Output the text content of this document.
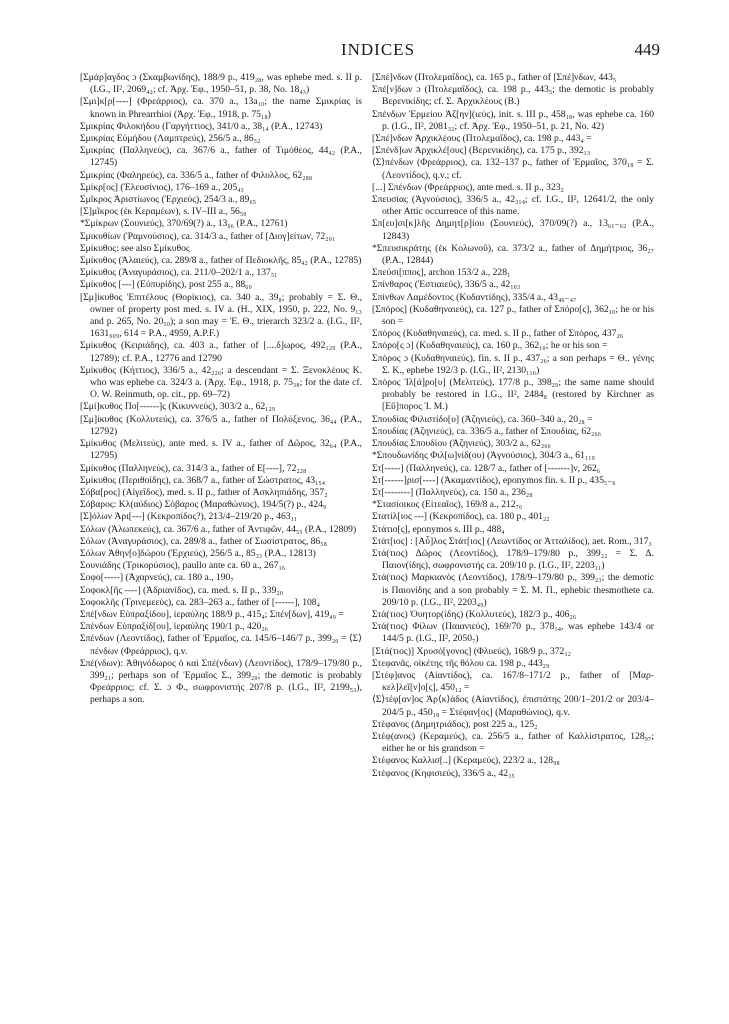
INDICES	449

[Σμάρ]αγδος ɔ (Σκαμβωνίδης), 188/9 p., 419₂₈, was ephebe med. s. II p. (I.G., II², 2069₄₂; cf. Ἀρχ. Ἐφ., 1950–51, p. 38, No. 18₄₃)

[Σμι]κ[ρ[----] (Φρεάρριος), ca. 370 a., 13a₁₀; the name Σμικρίας is known in Phrearrhioi (Ἀρχ. Ἐφ., 1918, p. 75₁₈)

Σμικρίας Φιλοκήδου (Γαργήττιος), 341/0 a., 38₁₄ (P.A., 12743)

Σμικρίας Εὐμήδου (Λαμπτρεύς), 256/5 a., 86₃₂

Σμικρίας (Παλληνεύς), ca. 367/6 a., father of Τιμόθεος, 44₄₂ (P.A., 12745)

Σμικρίας (Φαληρεύς), ca. 336/5 a., father of Φιλυλλος, 62₂₈₈

Σμίκρ[ος] (Ἐλευσίνιος), 176–169 a., 205₄₃

Σμῖκρος Ἀριστίωνος (Ἐρχιεύς), 254/3 a., 89₆₅

[Σ]μῖκρος (ἐκ Κεραμέων), s. IV–III a., 56₅₀

*Σμίκρων (Σουνιεύς), 370/69(?) a., 13₆₆ (P.A., 12761)

Σμικυθίων (Ῥαμνούσιος), ca. 314/3 a., father of [Διογ]είτων, 72₂₀₁

Σμίκυθος: see also Σμίκυθος

Σμίκυθος (Ἁλαιεύς), ca. 289/8 a., father of Πεδιοκλῆς, 85₄₂ (P.A., 12785)

Σμίκυθος (Ἀναγυράσιος), ca. 211/0–202/1 a., 137₅₁

Σμίκυθος [---] (Εὐπυρίδης), post 255 a., 88₆₀

[Σμ]ίκυθος Ἐπιτέλους (Θορίκιος), ca. 340 a., 39₈; probably = Σ. Θ., owner of property post med. s. IV a. (H., XIX, 1950, p. 222, No. 9₁₃ and p. 265, No. 20₅₀); a son may = Ἐ. Θ., trierarch 323/2 a. (I.G., II², 1631₆₀₉, 614 = P.A., 4959, A.P.F.)

Σμίκυθος (Κειριάδης), ca. 403 a., father of [....δ]ωρος, 492₁₂₉ (P.A., 12789); cf. P.A., 12776 and 12790

Σμίκυθος (Κήττιος), 336/5 a., 42₂₂₆; a descendant = Σ. Ξενοκλέους Κ. who was ephebe ca. 324/3 a. (Ἀρχ. Ἐφ., 1918, p. 75₃₈; for the date cf. O. W. Reinmuth, op. cit., pp. 69–72)

[Σμί]κυθος Πο[------]ς (Κικυννεύς), 303/2 a., 62₁₂₉

[Σμ]ίκυθος (Κολλυτεύς), ca. 376/5 a., father of Πολύξενος, 36₄₄ (P.A., 12792)

Σμίκυθος (Μελιτεύς), ante med. s. IV a., father of Δῶρος, 32₆₄ (P.A., 12795)

Σμίκυθος (Παλληνεύς), ca. 314/3 a., father of E[----], 72₂₂₈

Σμίκυθος (Περιθοίδης), ca. 368/7 a., father of Σώστρατος, 43₁₅₄

Σόβα[ρος] (Αἰγεΐδος), med. s. II p., father of Ἀσκληπιάδης, 357₂

Σόβαρος: Κλ(αύδιος) Σόβαρος (Μαραθώνιος), 194/5(?) p., 424₉

[Σ]όλων Ἀρι[---] (Κεκροπίδος?), 213/4–219/20 p., 463₁₁

Σόλων (Ἀλωπεκεύς), ca. 367/6 a., father of Ἀντιφῶν, 44₅₅ (P.A., 12809)

Σόλων (Ἀναγυράσιος), ca. 289/8 a., father of Σωσίστρατος, 86₅₈

Σόλων Ἀθην[ο]δώρου (Ἐρχιεύς), 256/5 a., 85₃₃ (P.A., 12813)

Σουνιάδης (Τρικορύσιος), paullo ante ca. 60 a., 267₁₆

Σοφο[-----] (Ἀχαρνεύς), ca. 180 a., 190₇

Σοφοκλ[ῆς ----] (Ἀδριανίδος), ca. med. s. II p., 339₂₀

Σοφοκλῆς (Τρινεμεεύς), ca. 283–263 a., father of [------], 108₄

Σπέ[νδων Εὐπραξίδου], ἱεραύλης 188/9 p., 415₄; Σπέν[δων], 419₄₉ =

Σπένδων Εὐπραξίδ[ου], ἱεραύλης 190/1 p., 420₂₆

Σπένδων (Λεοντίδος), father of Ἑρμαῖος, ca. 145/6–146/7 p., 399₂₀ = ⟨Σ⟩πένδων (Φρεάρριος), q.v.

Σπέ(νδων): Ἀθηνόδωρος ὁ καὶ Σπέ(νδων) (Λεοντίδος), 178/9–179/80 p., 399₂₁; perhaps son of Ἑρμαῖος Σ., 399₂₀; the demotic is probably Φρεάρριος; cf. Σ. ɔ Φ., σωφρονιστής 207/8 p. (I.G., II², 2199₅₃), perhaps a son.

[Σπέ]νδων (Πτολεμαΐδος), ca. 165 p., father of [Σπέ]νδων, 443₅

Σπέ[ν]δων ɔ (Πτολεμαΐδος), ca. 198 p., 443₅; the demotic is probably Βερενικίδης; cf. Σ. Ἀρχικλέους (B.)

Σπένδων Ἑρμείου Ἀζ[ην](ιεύς), init. s. III p., 458₁₈, was ephebe ca. 160 p. (I.G., II², 2081₃₂; cf. Ἀρχ. Ἐφ., 1950–51, p. 21, No. 42)

[Σπέ]νδων Ἀρχικλέους (Πτολεμαΐδος), ca. 198 p., 443₄ =

[Σπένδ]ων Ἀρχικλέ[ους] (Βερενικίδης), ca. 175 p., 392₁₃

⟨Σ⟩πένδων (Φρεάρριος), ca. 132–137 p., father of Ἑρμαῖος, 370₁₈ = Σ. (Λεοντίδος), q.v.; cf.

[...] Σπένδων (Φρεάρριος), ante med. s. II p., 323₂

Σπευσίας (Ἀγνούσιος), 336/5 a., 42₃₁₄; cf. I.G., II², 12641/2, the only other Attic occurrence of this name.

Σπ[ευ]σι[κ]λῆς Δημητ[ρ]ίου (Σουνιεύς), 370/09(?) a., 13₆₁₋₆₂ (P.A., 12843)

*Σπευσικράτης (ἐκ Κολωνοῦ), ca. 373/2 a., father of Δημήτριος, 36₂₇ (P.A., 12844)

Σπεύσι[ππος], archon 153/2 a., 228₁

Σπίνθαρος (Ἑστιαιεύς), 336/5 a., 42₁₀₃

Σπίνθων Λαμέδοντος (Κυδαντίδης), 335/4 a., 43₄₆₋₄₇

[Σπόρος] (Κυδαθηναιεύς), ca. 127 p., father of Σπόρο[ς], 362₁₀; he or his son =

Σπόρος (Κυδαθηναιεύς), ca. med. s. II p., father of Σπόρος, 437₂₆

Σπόρο[ς ɔ] (Κυδαθηναιεύς), ca. 160 p., 362₁₀; he or his son =

Σπόρος ɔ (Κυδαθηναιεύς), fin. s. II p., 437₂₆; a son perhaps = Θ.. γένης Σ. Κ., ephebe 192/3 p. (I.G., II², 2130₁₁₆)

Σπόρος Ἰλ[ά]ρο[υ] (Μελιτεύς), 177/8 p., 398₂₉; the same name should probably be restored in I.G., II², 2484₈ (restored by Kirchner as [Εὔ]πορος Ἰ. Μ.)

Σπουδίας Φιλιστίδο[υ] (Ἀζηνιεύς), ca. 360–340 a., 20₂₈ =

Σπουδίας (Ἀζηνιεύς), ca. 336/5 a., father of Σπουδίας, 62₂₆₆

Σπουδίας Σπουδίου (Ἀζηνιεύς), 303/2 a., 62₂₆₆

*Σπουδωνίδης Φιλ[ω]νίδ(ου) (Ἀγνούσιος), 304/3 a., 61₁₁₉

Στ[-----] (Παλληνεύς), ca. 128/7 a., father of [-------]ν, 262₆

Στ[------]ρισ[----] (Ἀκαμαντίδος), eponymos fin. s. II p., 435₅₋₆

Στ[--------] (Παλληνεύς), ca. 150 a., 236₂₈

*Στασίοικος (Εἰτεαῖος), 169/8 a., 212₇₆

Στατίλ[ιος ---] (Κεκροπίδος), ca. 180 p., 401₂₂

Στάτιο[ς], eponymos s. III p., 488₄

Στάτ[ιος] : [Αὖ]λος Στάτ[ιος] (Λεωντίδος or Ἀτταλίδος), aet. Rom., 317₃

Στά(τιος) Δῶρος (Λεοντίδος), 178/9–179/80 p., 399₂₂ = Σ. Δ. Παιον(ίδης), σωφρονιστής ca. 209/10 p. (I.G., II², 2203₁₁)

Στά(τιος) Μαρκιανὸς (Λεοντίδος), 178/9–179/80 p., 399₂₃; the demotic is Παιονίδης and a son probably = Σ. Μ. Π., ephebic thesmothete ca. 209/10 p. (I.G., II², 2203₄₉)

Στά(τιος) Ὀυητορ(ίδης) (Κολλυτεύς), 182/3 p., 406₂₆

Στά(τιος) Φίλων (Παιανιεύς), 169/70 p., 378₁₄, was ephebe 143/4 or 144/5 p. (I.G., II², 2050₇)

[Στά(τιος)] Χρυσό[γονος] (Φλυεύς), 168/9 p., 372₁₂

Στεφανᾶς, οἰκέτης τῆς θόλου ca. 198 p., 443₂₉

[Στέφ]ανος (Αἰαντίδος), ca. 167/8–171/2 p., father of [Μαρ-κελ]λεῖ[ν]ο[ς], 450₁₂ =

⟨Σ⟩τέφ[αν]ος Ἀρ⟨κ⟩άδος (Αἰαντίδος), ἐπιστάτης 200/1–201/2 or 203/4–204/5 p., 450₁₈ = Στέφαν[ος] (Μαραθώνιος), q.v.

Στέφανος (Δημητριάδος), post 225 a., 125₂

Στέφ(ανος) (Κεραμεύς), ca. 256/5 a., father of Καλλίστρατος, 128₉₇; either he or his grandson =

Στέφανος Καλλισ[..] (Κεραμεύς), 223/2 a., 128₉₈

Στέφανος (Κηφισιεύς), 336/5 a., 42₃₅
